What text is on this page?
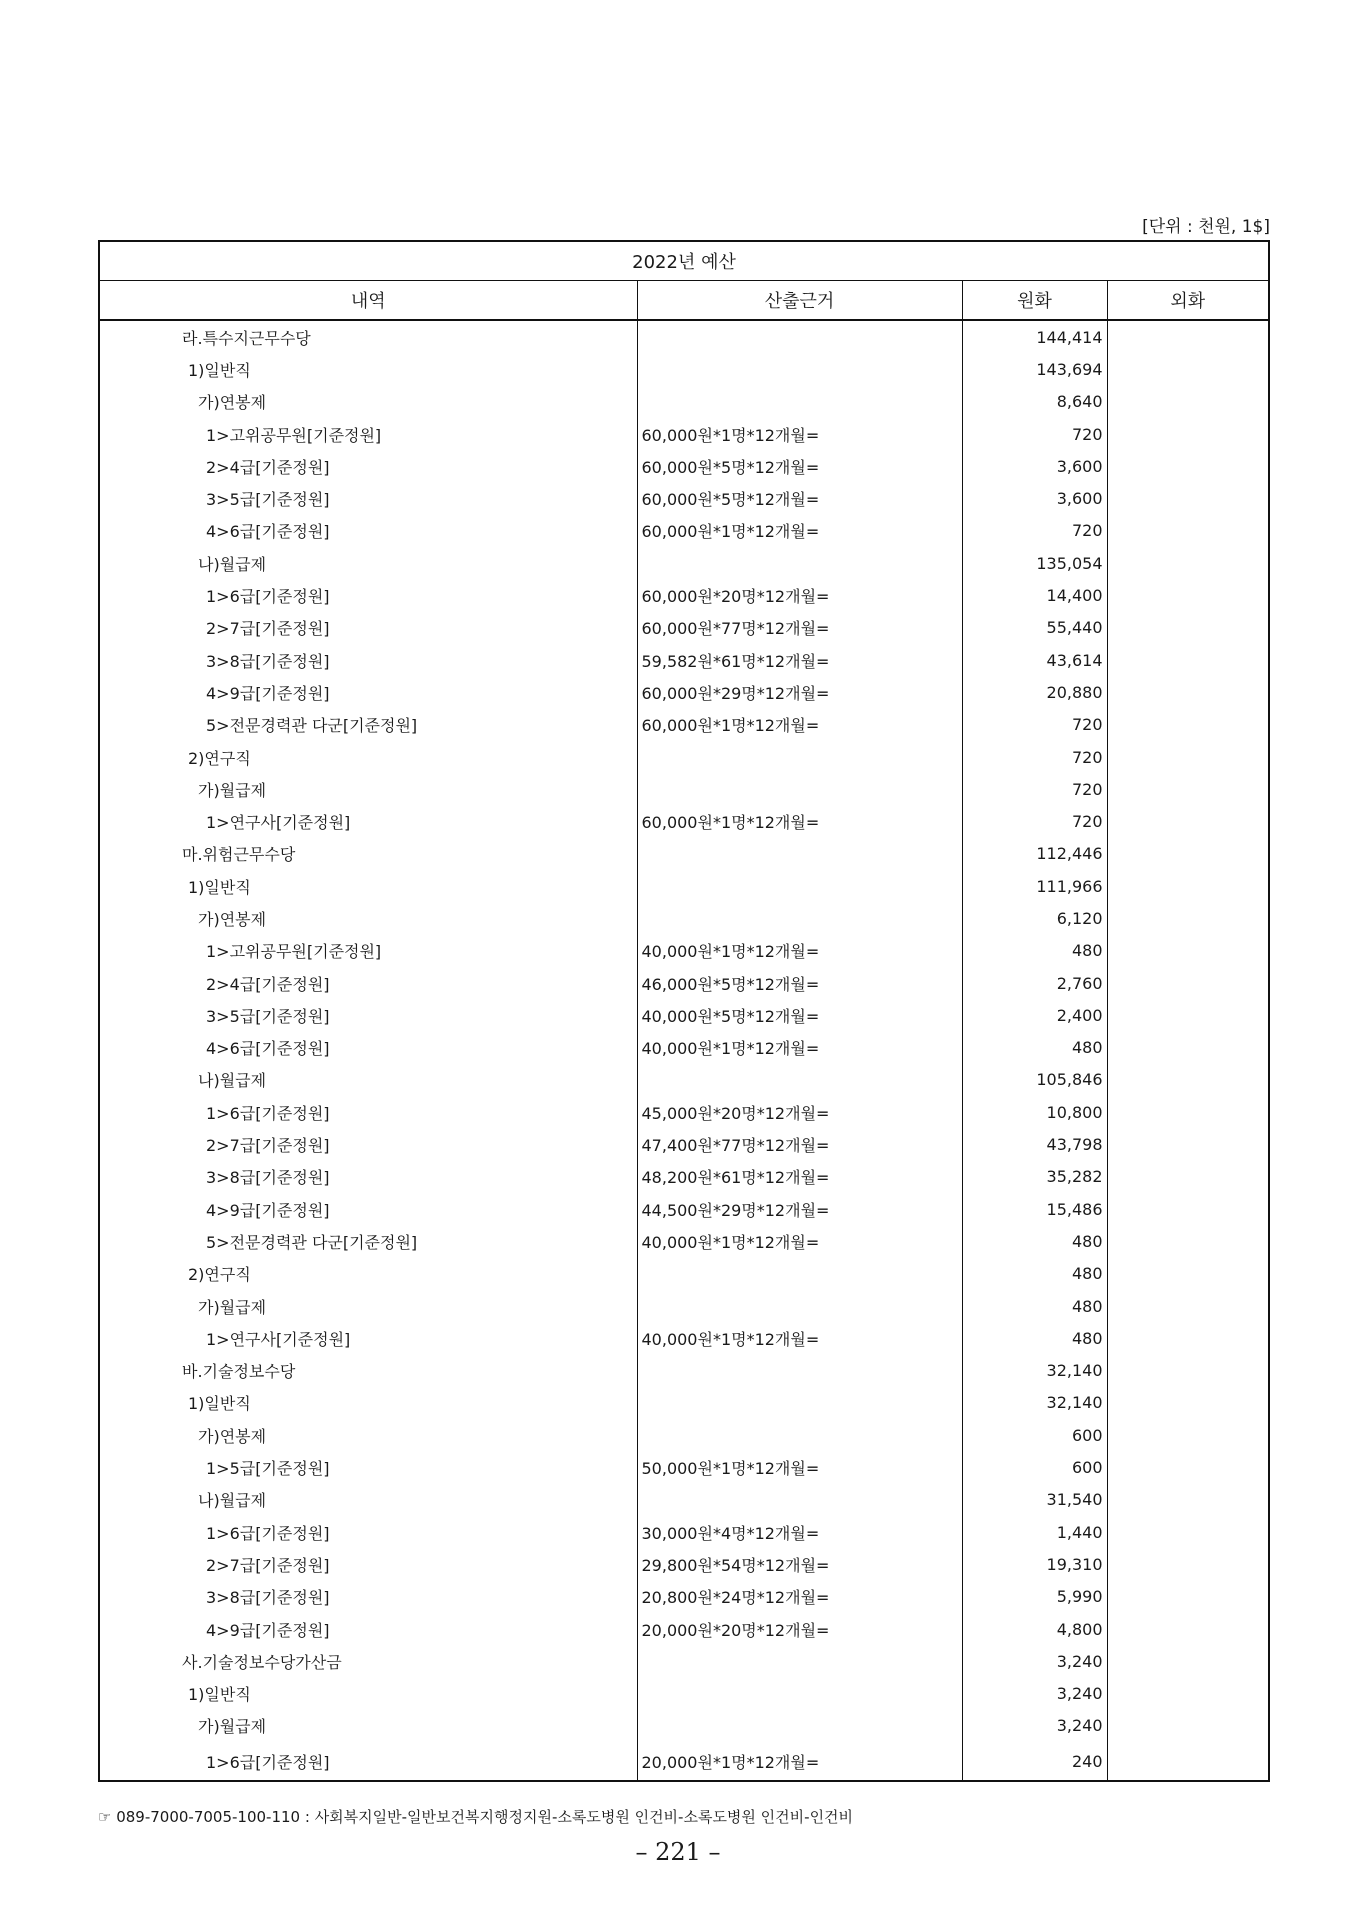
[단위 : 천원, 1$]
2022년 예산			
내역	산출근거	원화	외화
라.특수지근무수당		144,414	
1)일반직		143,694	
가)연봉제		8,640	
1>고위공무원[기준정원]	60,000원*1명*12개월=	720	
2>4급[기준정원]	60,000원*5명*12개월=	3,600	
3>5급[기준정원]	60,000원*5명*12개월=	3,600	
4>6급[기준정원]	60,000원*1명*12개월=	720	
나)월급제		135,054	
1>6급[기준정원]	60,000원*20명*12개월=	14,400	
2>7급[기준정원]	60,000원*77명*12개월=	55,440	
3>8급[기준정원]	59,582원*61명*12개월=	43,614	
4>9급[기준정원]	60,000원*29명*12개월=	20,880	
5>전문경력관 다군[기준정원]	60,000원*1명*12개월=	720	
2)연구직		720	
가)월급제		720	
1>연구사[기준정원]	60,000원*1명*12개월=	720	
마.위험근무수당		112,446	
1)일반직		111,966	
가)연봉제		6,120	
1>고위공무원[기준정원]	40,000원*1명*12개월=	480	
2>4급[기준정원]	46,000원*5명*12개월=	2,760	
3>5급[기준정원]	40,000원*5명*12개월=	2,400	
4>6급[기준정원]	40,000원*1명*12개월=	480	
나)월급제		105,846	
1>6급[기준정원]	45,000원*20명*12개월=	10,800	
2>7급[기준정원]	47,400원*77명*12개월=	43,798	
3>8급[기준정원]	48,200원*61명*12개월=	35,282	
4>9급[기준정원]	44,500원*29명*12개월=	15,486	
5>전문경력관 다군[기준정원]	40,000원*1명*12개월=	480	
2)연구직		480	
가)월급제		480	
1>연구사[기준정원]	40,000원*1명*12개월=	480	
바.기술정보수당		32,140	
1)일반직		32,140	
가)연봉제		600	
1>5급[기준정원]	50,000원*1명*12개월=	600	
나)월급제		31,540	
1>6급[기준정원]	30,000원*4명*12개월=	1,440	
2>7급[기준정원]	29,800원*54명*12개월=	19,310	
3>8급[기준정원]	20,800원*24명*12개월=	5,990	
4>9급[기준정원]	20,000원*20명*12개월=	4,800	
사.기술정보수당가산금		3,240	
1)일반직		3,240	
가)월급제		3,240	
1>6급[기준정원]	20,000원*1명*12개월=	240	
☞ 089-7000-7005-100-110 : 사회복지일반-일반보건복지행정지원-소록도병원 인건비-소록도병원 인건비-인건비
– 221 –
